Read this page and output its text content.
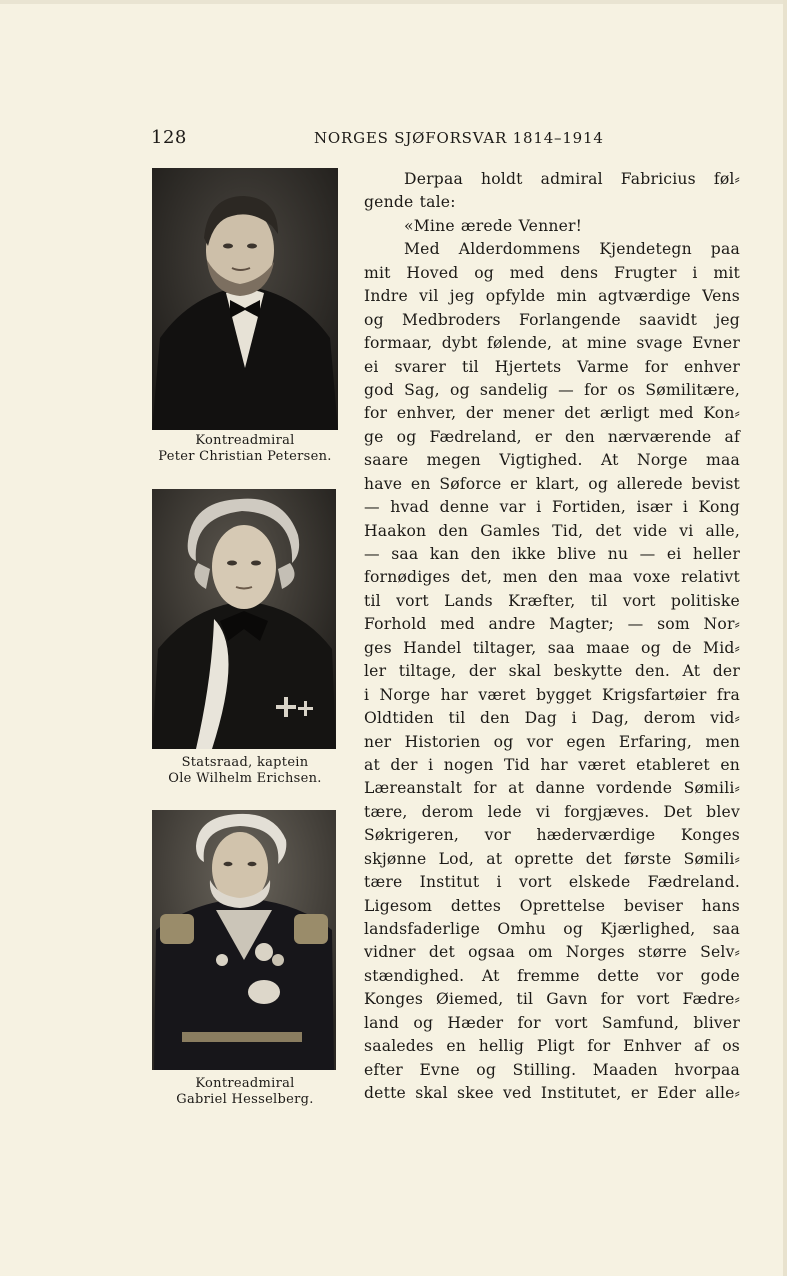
128	NORGES SJØFORSVAR 1814–1914
Kontreadmiral
Peter Christian Petersen.
Statsraad, kaptein
Ole Wilhelm Erichsen.
Kontreadmiral
Gabriel Hesselberg.
Derpaa holdt admiral Fabricius føl⸗
gende tale:
«Mine ærede Venner!
Med Alderdommens Kjendetegn paa
mit Hoved og med dens Frugter i mit
Indre vil jeg opfylde min agtværdige Vens
og Medbroders Forlangende saavidt jeg
formaar, dybt følende, at mine svage Evner
ei svarer til Hjertets Varme for enhver
god Sag, og sandelig — for os Sømilitære,
for enhver, der mener det ærligt med Kon⸗
ge og Fædreland, er den nærværende af
saare megen Vigtighed. At Norge maa
have en Søforce er klart, og allerede bevist
— hvad denne var i Fortiden, især i Kong
Haakon den Gamles Tid, det vide vi alle,
— saa kan den ikke blive nu — ei heller
fornødiges det, men den maa voxe relativt
til vort Lands Kræfter, til vort politiske
Forhold med andre Magter; — som Nor⸗
ges Handel tiltager, saa maae og de Mid⸗
ler tiltage, der skal beskytte den. At der
i Norge har været bygget Krigsfartøier fra
Oldtiden til den Dag i Dag, derom vid⸗
ner Historien og vor egen Erfaring, men
at der i nogen Tid har været etableret en
Læreanstalt for at danne vordende Sømili⸗
tære, derom lede vi forgjæves. Det blev
Søkrigeren, vor hæderværdige Konges
skjønne Lod, at oprette det første Sømili⸗
tære Institut i vort elskede Fædreland.
Ligesom dettes Oprettelse beviser hans
landsfaderlige Omhu og Kjærlighed, saa
vidner det ogsaa om Norges større Selv⸗
stændighed. At fremme dette vor gode
Konges Øiemed, til Gavn for vort Fædre⸗
land og Hæder for vort Samfund, bliver
saaledes en hellig Pligt for Enhver af os
efter Evne og Stilling. Maaden hvorpaa
dette skal skee ved Institutet, er Eder alle⸗
